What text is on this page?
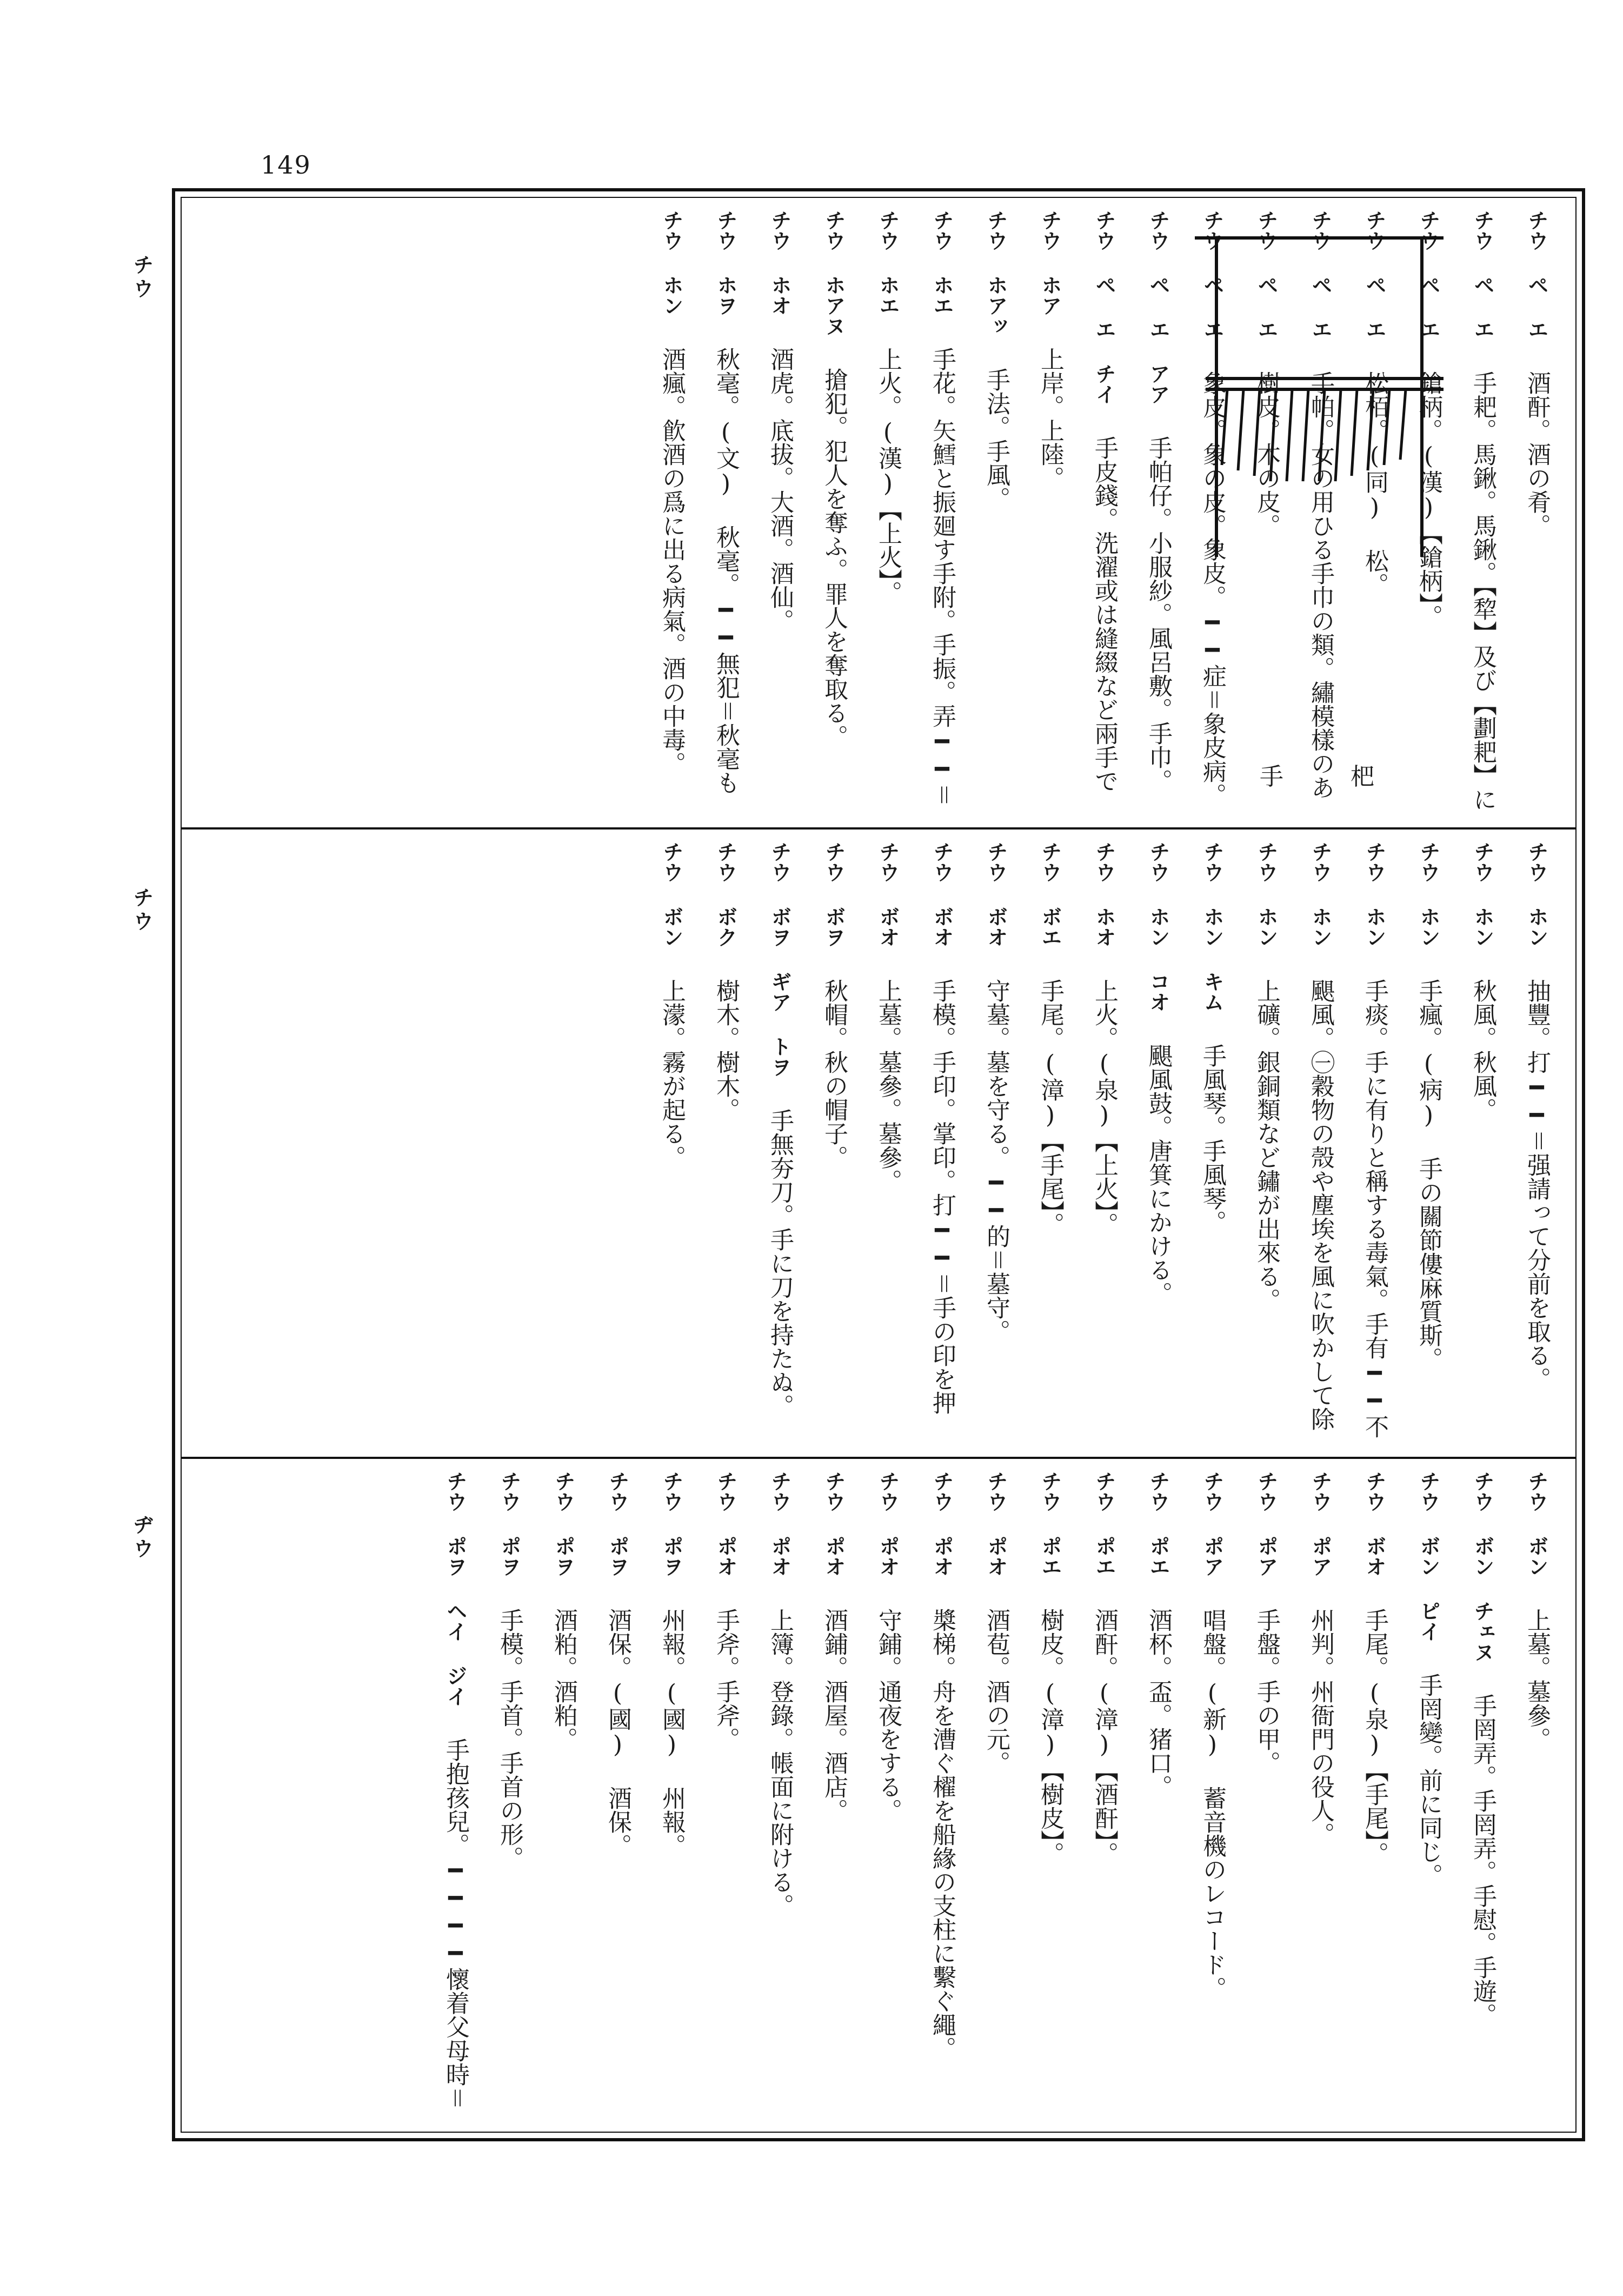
149
チウ
チウ
ヂウ
チウ ペ エ　酒酐。酒の肴。
チウ ペ エ　手耙。馬鍬。馬鍬。【犂】及び【劃耙】に
チウ ペ エ　鎗柄。(漢)【鎗柄】。
チウ ペ エ　松栢。(同) 松。
チウ ペ エ　手帕。女の用ひる手巾の類。繡模樣のあ
チウ ペ エ　樹皮。木の皮。
チウ ペ エ　象皮。象の皮。象皮。━━症＝象皮病。
チウ ペ エ アア　手帕仔。小服紗。風呂敷。手巾。
チウ ペ エ チイ　手皮錢。洗濯或は縫綴など兩手で
チウ ホア　上岸。上陸。
チウ ホアッ　手法。手風。
チウ ホエ　手花。矢鱈と振廻す手附。手振。弄━━＝
チウ ホエ　上火。(漢)【上火】。
チウ ホアヌ　搶犯。犯人を奪ふ。罪人を奪取る。
チウ ホオ　酒虎。底拔。大酒。酒仙。
チウ ホヲ　秋毫。(文) 秋毫。━━無犯＝秋毫も
チウ ホン　酒瘋。飮酒の爲に出る病氣。酒の中毒。
チウ ホン　抽豐。打━━＝强請って分前を取る。
チウ ホン　秋風。秋風。
チウ ホン　手瘋。(病) 手の關節僂麻質斯。
チウ ホン　手痰。手に有りと稱する毒氣。手有━━不
チウ ホン　颶風。㊀穀物の殼や塵埃を風に吹かして除
チウ ホン　上礦。銀銅類など鏽が出來る。
チウ ホン キム　手風琴。手風琴。
チウ ホン コオ　颶風鼓。唐箕にかける。
チウ ホオ　上火。(泉)【上火】。
チウ ボエ　手尾。(漳)【手尾】。
チウ ボオ　守墓。墓を守る。━━的＝墓守。
チウ ボオ　手模。手印。掌印。打━━＝手の印を押
チウ ボオ　上墓。墓參。墓參。
チウ ボヲ　秋帽。秋の帽子。
チウ ボヲ ギア トヲ　手無夯刀。手に刀を持たぬ。
チウ ボク　樹木。樹木。
チウ ボン　上濛。霧が起る。
チウ ボン　上墓。墓參。
チウ ボン チェヌ　手罔弄。手罔弄。手慰。手遊。
チウ ボン ピイ　手罔變。前に同じ。
チウ ボオ　手尾。(泉)【手尾】。
チウ ポア　州判。州衙門の役人。
チウ ポア　手盤。手の甲。
チウ ポア　唱盤。(新) 蓄音機のレコード。
チウ ポエ　酒杯。盃。猪口。
チウ ポエ　酒酐。(漳)【酒酐】。
チウ ポエ　樹皮。(漳)【樹皮】。
チウ ポオ　酒苞。酒の元。
チウ ポオ　槳梯。舟を漕ぐ櫂を船緣の支柱に繫ぐ繩。
チウ ポオ　守鋪。通夜をする。
チウ ポオ　酒鋪。酒屋。酒店。
チウ ポオ　上簿。登錄。帳面に附ける。
チウ ポオ　手斧。手斧。
チウ ポヲ　州報。(國) 州報。
チウ ポヲ　酒保。(國) 酒保。
チウ ポヲ　酒粕。酒粕。
チウ ポヲ　手模。手首。手首の形。
チウ ポヲ ヘイ ジイ　手抱孩兒。━━━━懷着父母時＝
手　杷
